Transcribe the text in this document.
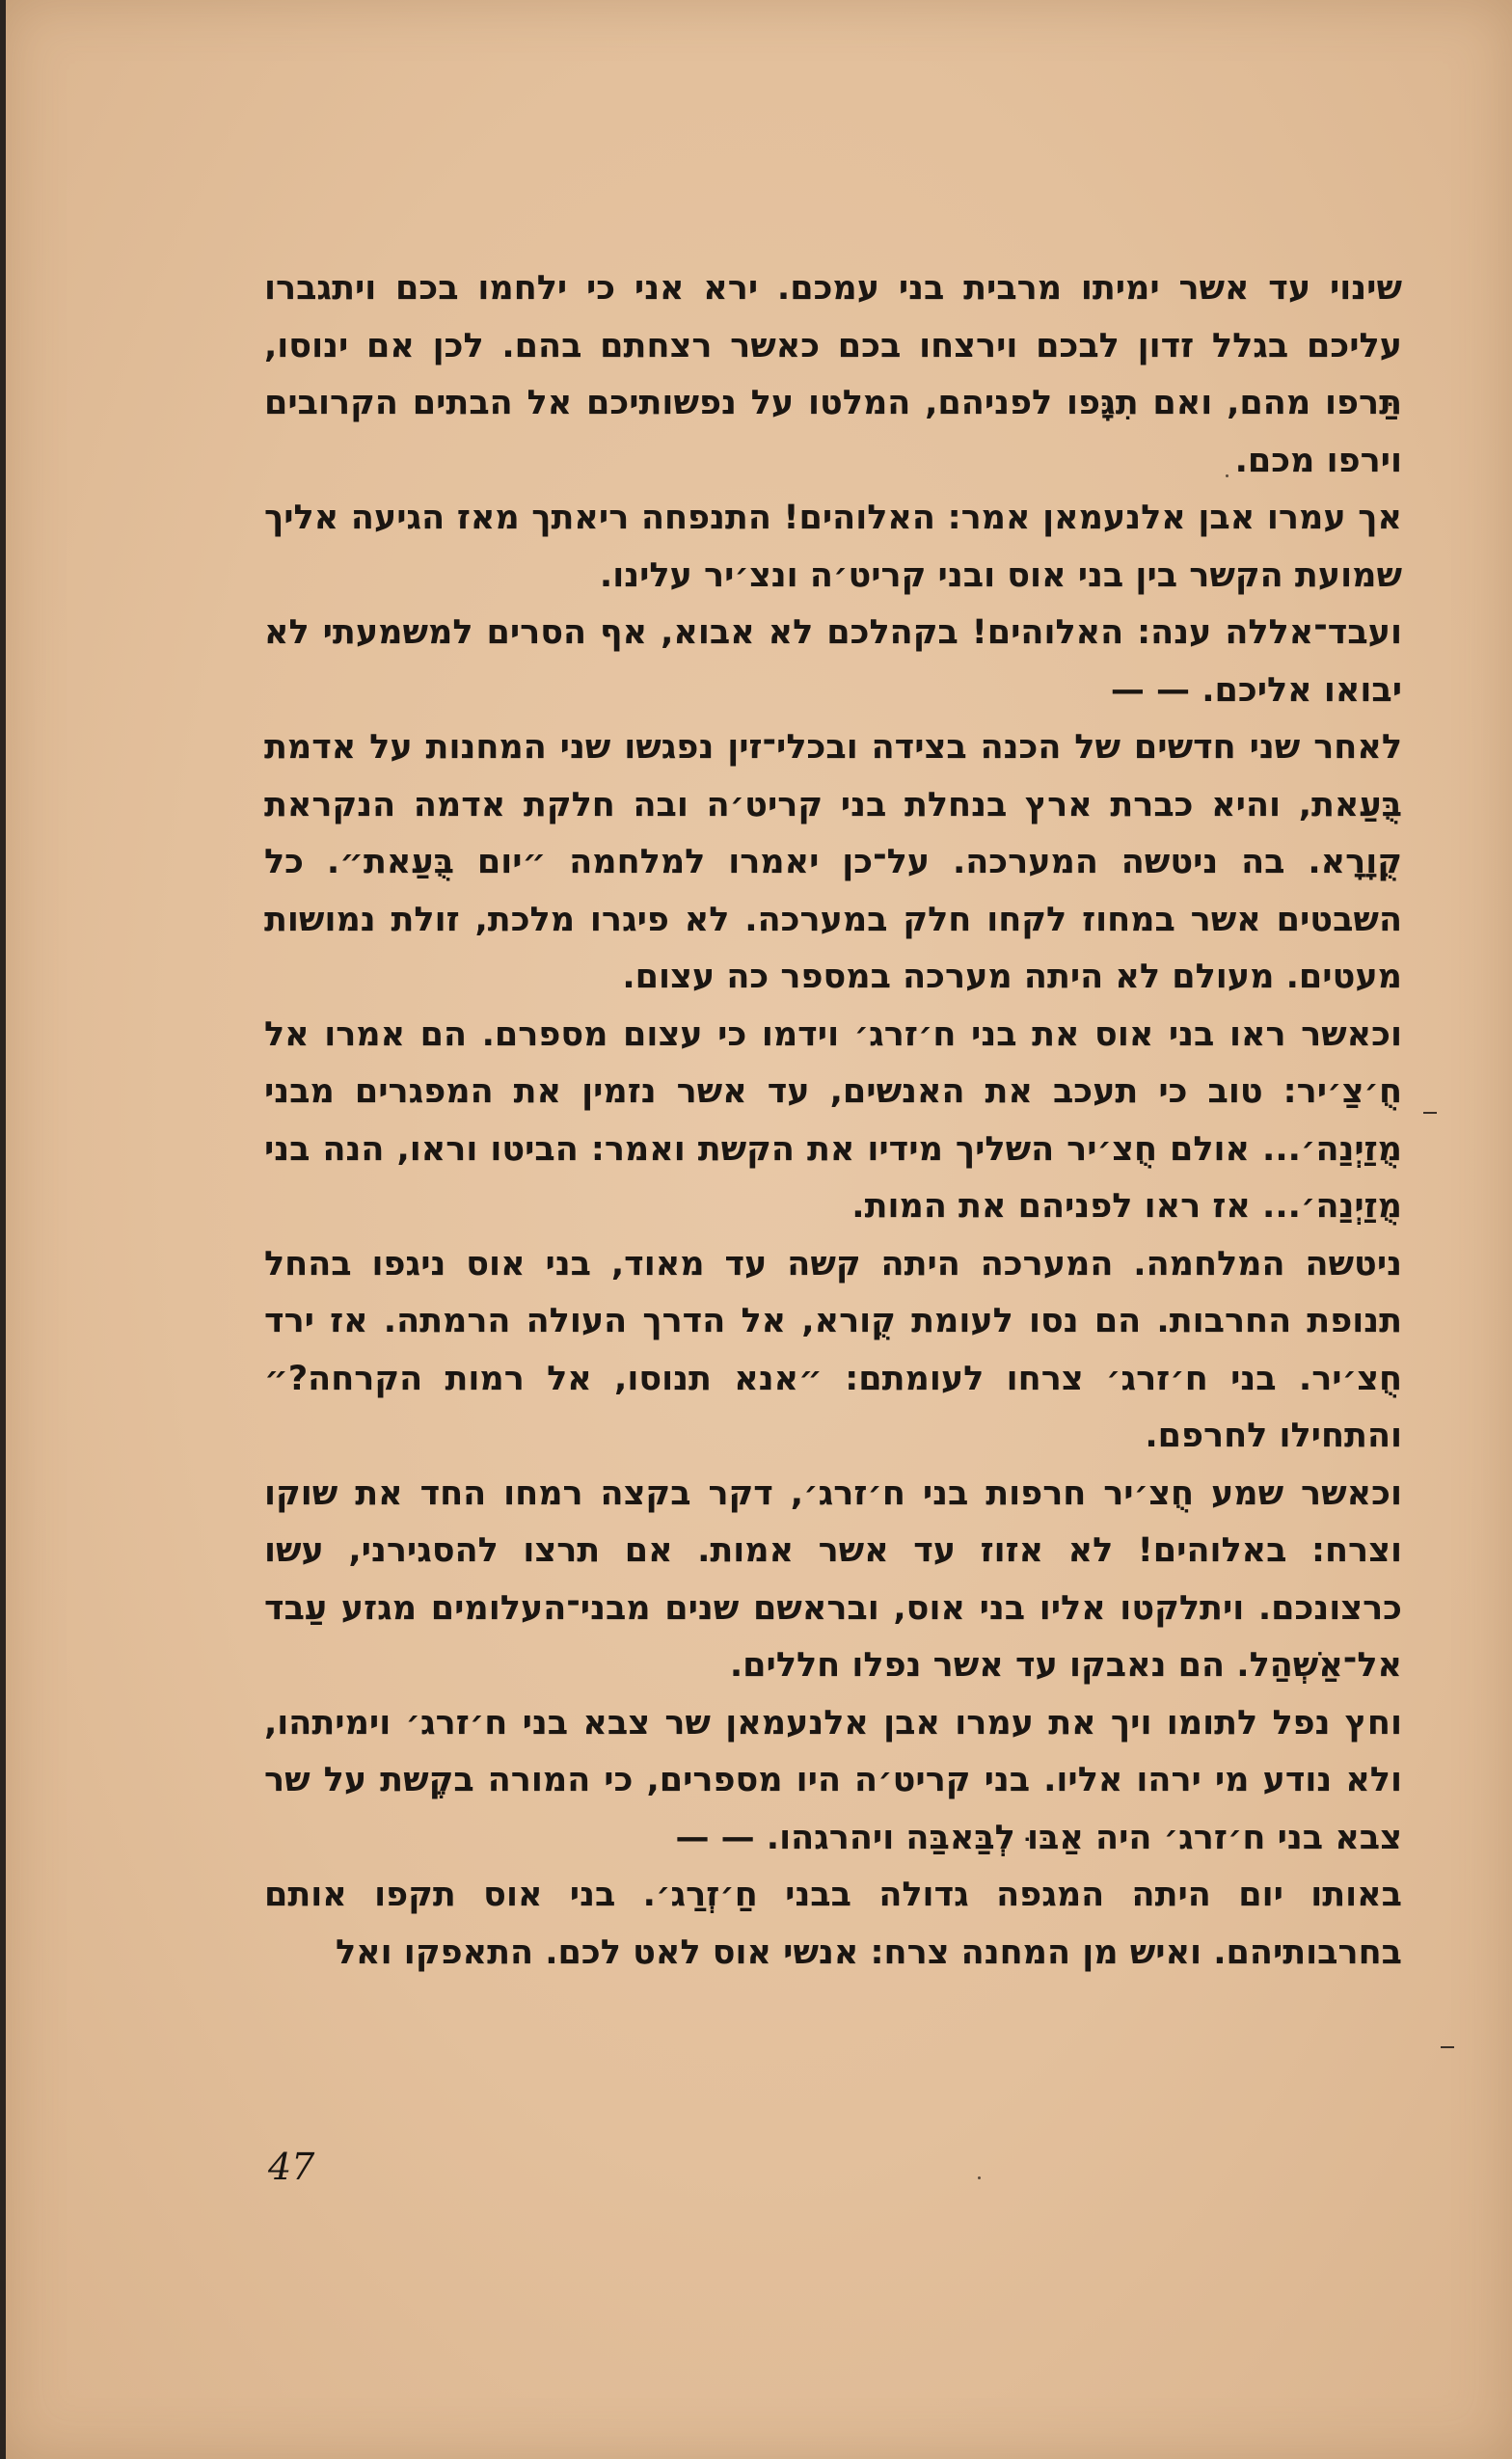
שינוי עד אשר ימיתו מרבית בני עמכם. ירא אני כי ילחמו בכם ויתגברו עליכם בגלל זדון לבכם וירצחו בכם כאשר רצחתם בהם. לכן אם ינוסו, תַּרפו מהם, ואם תִגָּפו לפניהם, המלטו על נפשותיכם אל הבתים הקרובים וירפו מכם.

אך עמרו אבן אלנעמאן אמר: האלוהים! התנפחה ריאתך מאז הגיעה אליך שמועת הקשר בין בני אוס ובני קריט׳ה ונצ׳יר עלינו.

ועבד־אללה ענה: האלוהים! בקהלכם לא אבוא, אף הסרים למשמעתי לא יבואו אליכם. — —

לאחר שני חדשים של הכנה בצידה ובכלי־זין נפגשו שני המחנות על אדמת בֻּעַאת, והיא כברת ארץ בנחלת בני קריט׳ה ובה חלקת אדמה הנקראת קֻוָרָא. בה ניטשה המערכה. על־כן יאמרו למלחמה ״יום בֻּעַאת״. כל השבטים אשר במחוז לקחו חלק במערכה. לא פיגרו מלכת, זולת נמושות מעטים. מעולם לא היתה מערכה במספר כה עצום.

וכאשר ראו בני אוס את בני ח׳זרג׳ וידמו כי עצום מספרם. הם אמרו אל חֻ׳צַ׳יר: טוב כי תעכב את האנשים, עד אשר נזמין את המפגרים מבני מֻזַיְנַה׳... אולם חֻצ׳יר השליך מידיו את הקשת ואמר: הביטו וראו, הנה בני מֻזַיְנַה׳... אז ראו לפניהם את המות.

ניטשה המלחמה. המערכה היתה קשה עד מאוד, בני אוס ניגפו בהחל תנופת החרבות. הם נסו לעומת קֻורא, אל הדרך העולה הרמתה. אז ירד חֻצ׳יר. בני ח׳זרג׳ צרחו לעומתם: ״אנא תנוסו, אל רמות הקרחה?״ והתחילו לחרפם.

וכאשר שמע חֻצ׳יר חרפות בני ח׳זרג׳, דקר בקצה רמחו החד את שוקו וצרח: באלוהים! לא אזוז עד אשר אמות. אם תרצו להסגירני, עשו כרצונכם. ויתלקטו אליו בני אוס, ובראשם שנים מבני־העלומים מגזע עַבד אל־אַשְׁהַל. הם נאבקו עד אשר נפלו חללים.

וחץ נפל לתומו ויך את עמרו אבן אלנעמאן שר צבא בני ח׳זרג׳ וימיתהו, ולא נודע מי ירהו אליו. בני קריט׳ה היו מספרים, כי המורה בקֶשת על שר צבא בני ח׳זרג׳ היה אַבּוּ לְבַּאבַּה ויהרגהו. — —

באותו יום היתה המגפה גדולה בבני חַ׳זְרַג׳. בני אוס תקפו אותם בחרבותיהם. ואיש מן המחנה צרח: אנשי אוס לאט לכם. התאפקו ואל

47
